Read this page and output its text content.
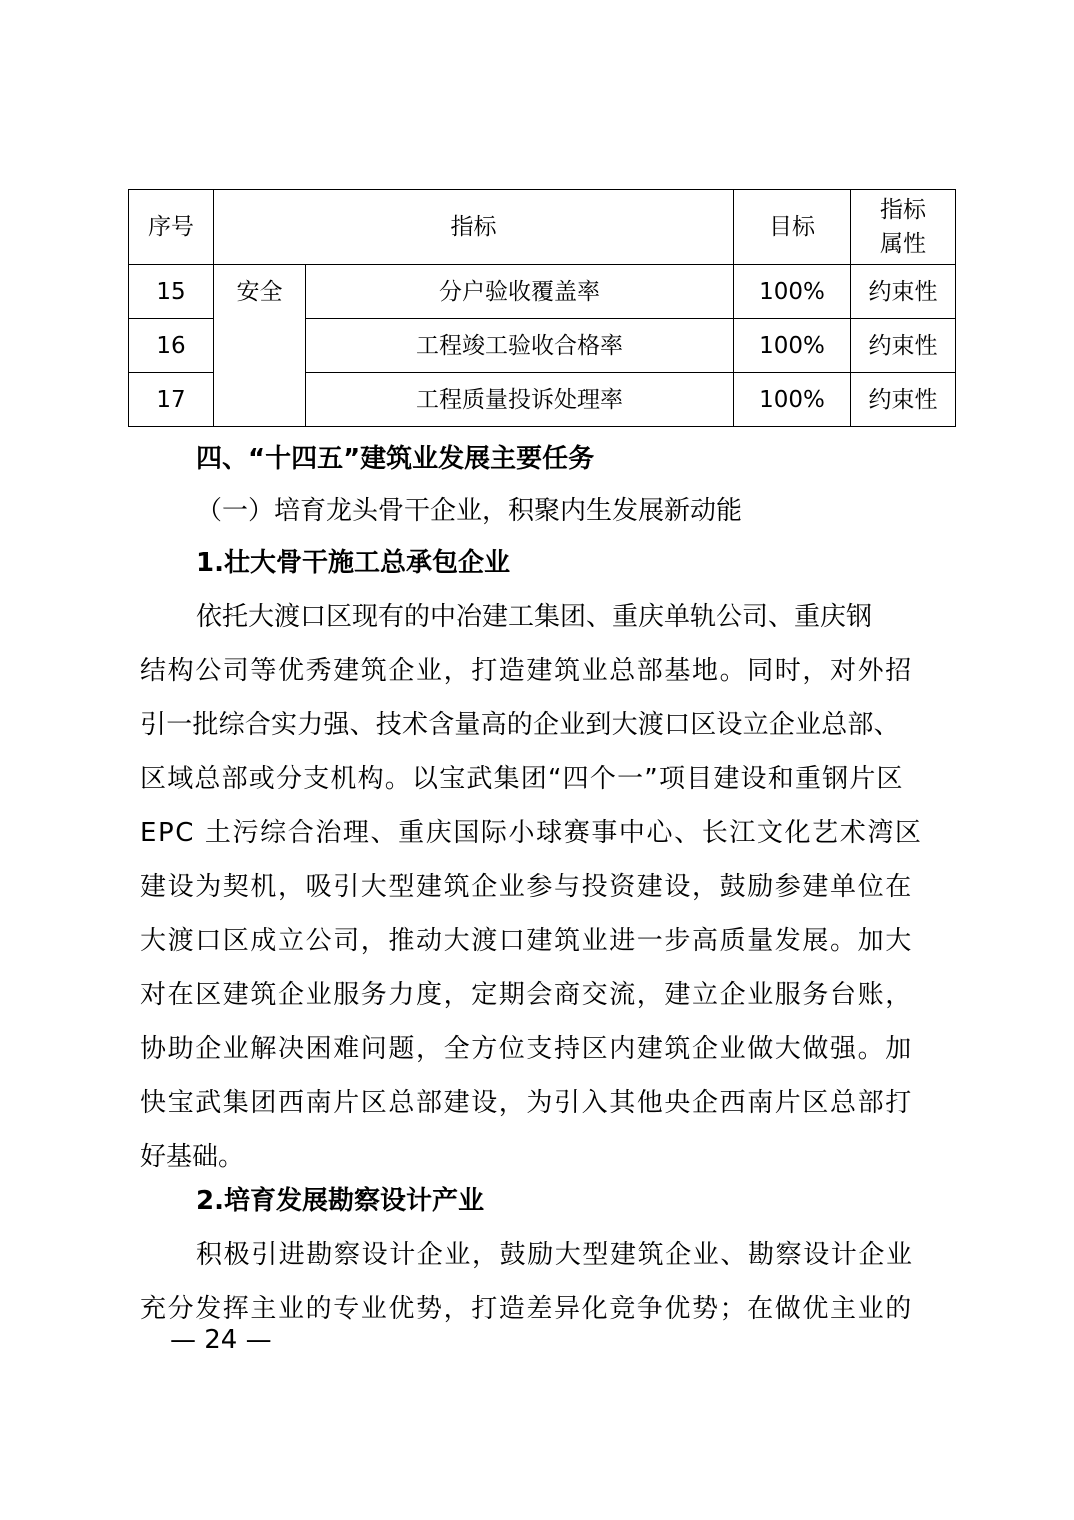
序号	指标		目标	指标
属性

15	安全	分户验收覆盖率	100%	约束性
16		工程竣工验收合格率	100%	约束性
17		工程质量投诉处理率	100%	约束性
四、“十四五”建筑业发展主要任务
（一）培育龙头骨干企业，积聚内生发展新动能
1.壮大骨干施工总承包企业
依托大渡口区现有的中冶建工集团、重庆单轨公司、重庆钢
结构公司等优秀建筑企业，打造建筑业总部基地。同时，对外招
引一批综合实力强、技术含量高的企业到大渡口区设立企业总部、
区域总部或分支机构。以宝武集团“四个一”项目建设和重钢片区
EPC 土污综合治理、重庆国际小球赛事中心、长江文化艺术湾区
建设为契机，吸引大型建筑企业参与投资建设，鼓励参建单位在
大渡口区成立公司，推动大渡口建筑业进一步高质量发展。加大
对在区建筑企业服务力度，定期会商交流，建立企业服务台账，
协助企业解决困难问题，全方位支持区内建筑企业做大做强。加
快宝武集团西南片区总部建设，为引入其他央企西南片区总部打
好基础。
2.培育发展勘察设计产业
积极引进勘察设计企业，鼓励大型建筑企业、勘察设计企业
充分发挥主业的专业优势，打造差异化竞争优势；在做优主业的
— 24 —
